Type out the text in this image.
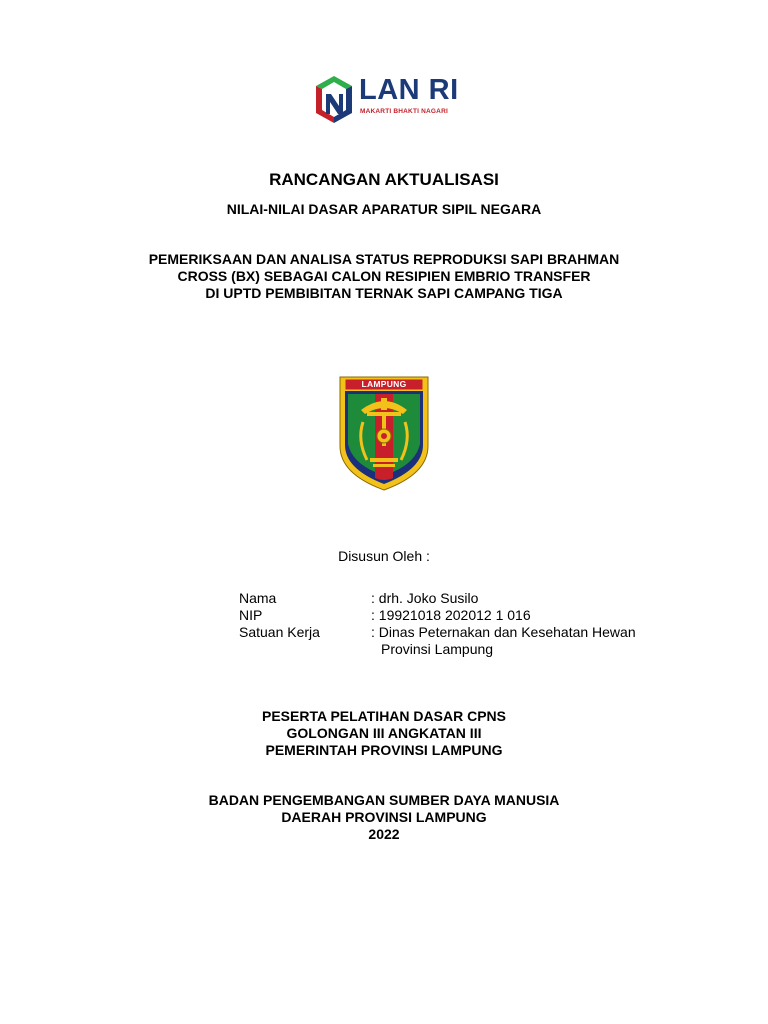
LAN RI
MAKARTI BHAKTI NAGARI
RANCANGAN AKTUALISASI
NILAI-NILAI DASAR APARATUR SIPIL NEGARA
PEMERIKSAAN DAN ANALISA STATUS REPRODUKSI SAPI BRAHMAN
CROSS (BX) SEBAGAI CALON RESIPIEN EMBRIO TRANSFER
DI UPTD PEMBIBITAN TERNAK SAPI CAMPANG TIGA
LAMPUNG
Disusun Oleh :
Nama	: drh. Joko Susilo
NIP	: 19921018 202012 1 016
Satuan Kerja	: Dinas Peternakan dan Kesehatan Hewan
Provinsi Lampung
PESERTA PELATIHAN DASAR CPNS
GOLONGAN III ANGKATAN III
PEMERINTAH PROVINSI LAMPUNG
BADAN PENGEMBANGAN SUMBER DAYA MANUSIA
DAERAH PROVINSI LAMPUNG
2022
